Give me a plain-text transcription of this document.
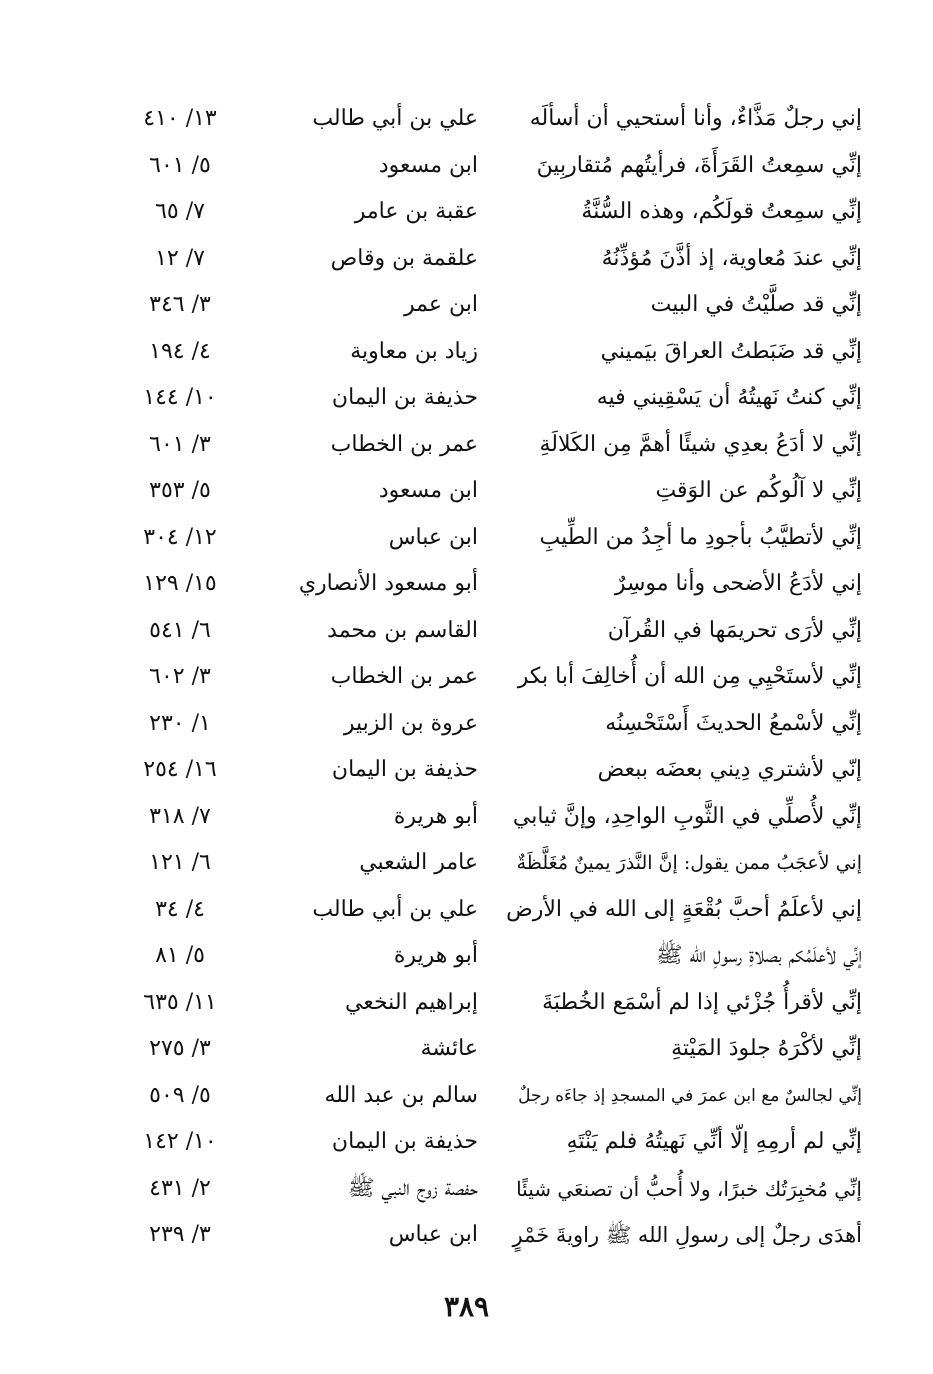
إني رجلٌ مَذَّاءٌ، وأنا أستحيي أن أسألَه
علي بن أبي طالب
١٣/ ٤١٠
إنِّي سمِعتُ القَرَأَةَ، فرأيتُهم مُتقاربِينَ
ابن مسعود
٥/ ٦٠١
إنِّي سمِعتُ قولَكُم، وهذه السُّنَّةُ
عقبة بن عامر
٧/ ٦٥
إنِّي عندَ مُعاوية، إذ أذَّنَ مُؤذِّنُهُ
علقمة بن وقاص
٧/ ١٢
إنِّي قد صلَّيْتُ في البيت
ابن عمر
٣/ ٣٤٦
إنِّي قد ضَبَطتُ العراقَ بيَميني
زياد بن معاوية
٤/ ١٩٤
إنِّي كنتُ نَهيتُهُ أن يَسْقِيني فيه
حذيفة بن اليمان
١٠/ ١٤٤
إنِّي لا أدَعُ بعدِي شيئًا أهمَّ مِن الكَلالَةِ
عمر بن الخطاب
٣/ ٦٠١
إنِّي لا آلُوكُم عن الوَقتِ
ابن مسعود
٥/ ٣٥٣
إنِّي لأتطيَّبُ بأجودِ ما أجِدُ من الطِّيبِ
ابن عباس
١٢/ ٣٠٤
إني لأدَعُ الأضحى وأنا موسِرٌ
أبو مسعود الأنصاري
١٥/ ١٢٩
إنِّي لأرَى تحريمَها في القُرآن
القاسم بن محمد
٦/ ٥٤١
إنِّي لأستَحْيِي مِن الله أن أُخالِفَ أبا بكر
عمر بن الخطاب
٣/ ٦٠٢
إنِّي لأسْمعُ الحديثَ أَسْتَحْسِنُه
عروة بن الزبير
١/ ٢٣٠
إنّي لأشتري دِيني بعضَه ببعض
حذيفة بن اليمان
١٦/ ٢٥٤
إنِّي لأُصلِّي في الثَّوبِ الواحِدِ، وإنَّ ثيابي
أبو هريرة
٧/ ٣١٨
إني لأعجَبُ ممن يقول: إنَّ النَّذرَ يمينٌ مُغَلَّظَةٌ
عامر الشعبي
٦/ ١٢١
إني لأعلَمُ أحبَّ بُقْعَةٍ إلى الله في الأرض
علي بن أبي طالب
٤/ ٣٤
إنِّي لأعلَمُكم بصلاةِ رسولِ الله ﷺ
أبو هريرة
٥/ ٨١
إنِّي لأقرأُ جُزْئي إذا لم أسْمَع الخُطبَةَ
إبراهيم النخعي
١١/ ٦٣٥
إنِّي لأكْرَهُ جلودَ المَيْتةِ
عائشة
٣/ ٢٧٥
إنِّي لجالسٌ مع ابن عمرَ في المسجدِ إذ جاءَه رجلٌ
سالم بن عبد الله
٥/ ٥٠٩
إنِّي لم أرمِهِ إلّا أنِّي نَهيتُهُ فلم يَنْتَهِ
حذيفة بن اليمان
١٠/ ١٤٢
إنِّي مُخبِرَتُك خبرًا، ولا أُحبُّ أن تصنعَي شيئًا
حفصة زوج النبي ﷺ
٢/ ٤٣١
أهدَى رجلٌ إلى رسولِ الله ﷺ راويةَ خَمْرٍ
ابن عباس
٣/ ٢٣٩
٣٨٩
